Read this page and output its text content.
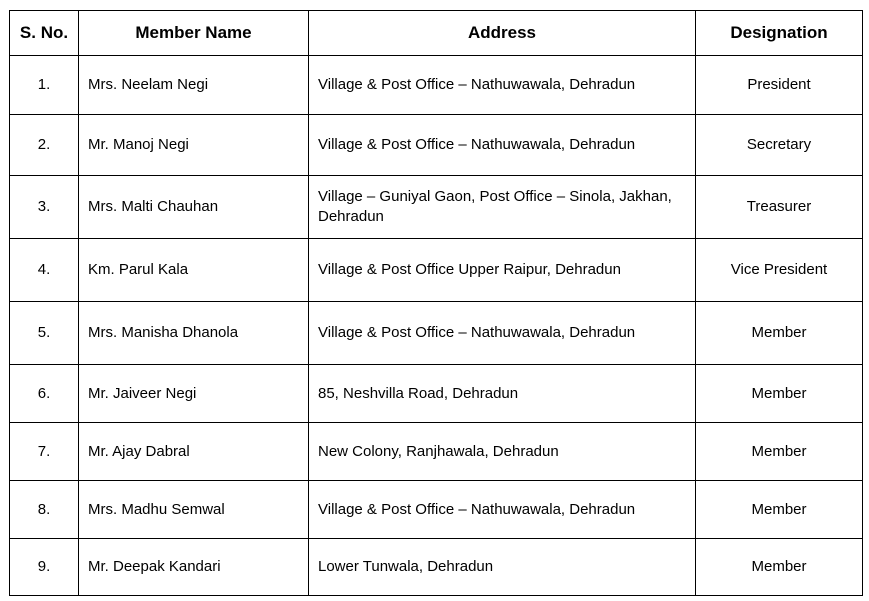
S. No.	Member Name	Address	Designation
1.	Mrs. Neelam Negi	Village & Post Office – Nathuwawala, Dehradun	President
2.	Mr. Manoj Negi	Village & Post Office – Nathuwawala, Dehradun	Secretary
3.	Mrs. Malti Chauhan	Village – Guniyal Gaon, Post Office – Sinola, Jakhan, Dehradun	Treasurer
4.	Km. Parul Kala	Village & Post Office Upper Raipur, Dehradun	Vice President
5.	Mrs. Manisha Dhanola	Village & Post Office – Nathuwawala, Dehradun	Member
6.	Mr. Jaiveer Negi	85, Neshvilla Road, Dehradun	Member
7.	Mr. Ajay Dabral	New Colony, Ranjhawala, Dehradun	Member
8.	Mrs. Madhu Semwal	Village & Post Office – Nathuwawala, Dehradun	Member
9.	Mr. Deepak Kandari	Lower Tunwala, Dehradun	Member
